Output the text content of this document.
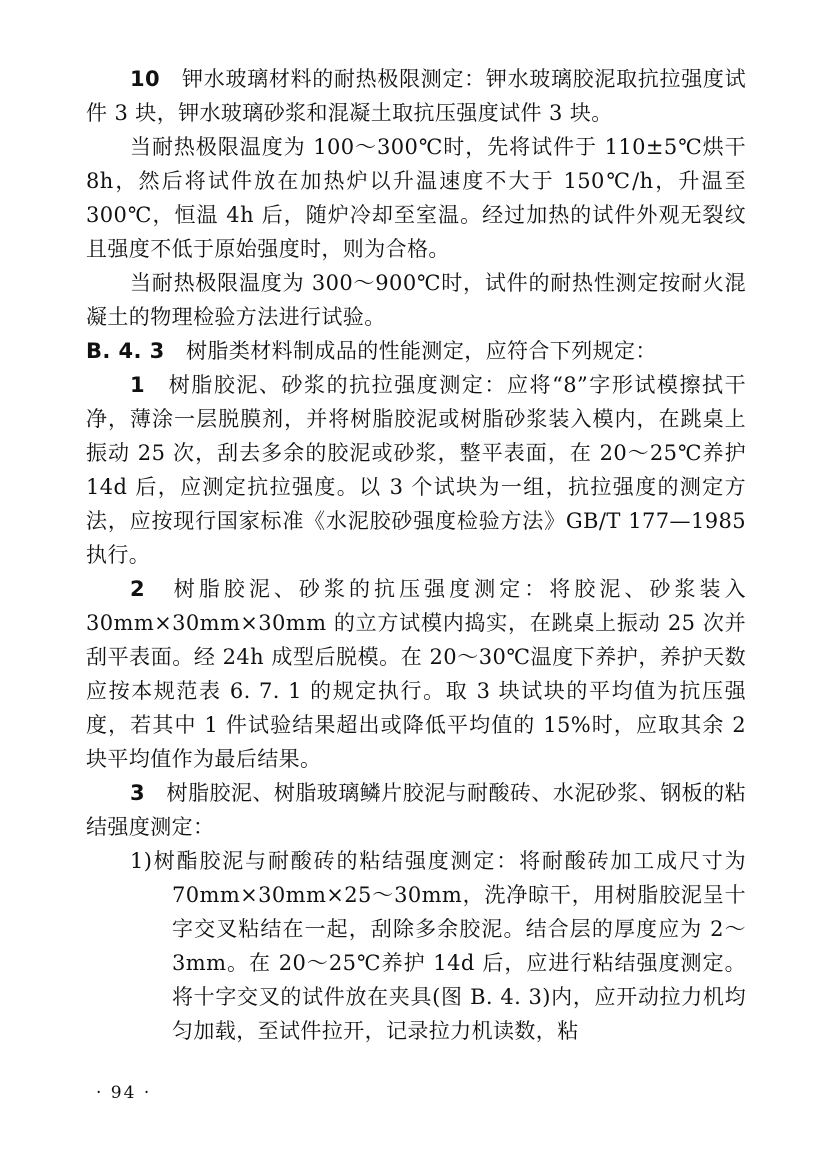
10　 钾水玻璃材料的耐热极限测定：钾水玻璃胶泥取抗拉强度试件 3 块，钾水玻璃砂浆和混凝土取抗压强度试件 3 块。

当耐热极限温度为 100～300℃时，先将试件于 110±5℃烘干 8h，然后将试件放在加热炉以升温速度不大于 150℃/h，升温至 300℃，恒温 4h 后，随炉冷却至室温。经过加热的试件外观无裂纹且强度不低于原始强度时，则为合格。

当耐热极限温度为 300～900℃时，试件的耐热性测定按耐火混凝土的物理检验方法进行试验。

B. 4. 3　 树脂类材料制成品的性能测定，应符合下列规定：

1　 树脂胶泥、砂浆的抗拉强度测定：应将“8”字形试模擦拭干净，薄涂一层脱膜剂，并将树脂胶泥或树脂砂浆装入模内，在跳桌上振动 25 次，刮去多余的胶泥或砂浆，整平表面，在 20～25℃养护 14d 后，应测定抗拉强度。以 3 个试块为一组，抗拉强度的测定方法，应按现行国家标准《水泥胶砂强度检验方法》GB/T 177—1985 执行。

2　 树脂胶泥、砂浆的抗压强度测定：将胶泥、砂浆装入 30mm×30mm×30mm 的立方试模内捣实，在跳桌上振动 25 次并刮平表面。经 24h 成型后脱模。在 20～30℃温度下养护，养护天数应按本规范表 6. 7. 1 的规定执行。取 3 块试块的平均值为抗压强度，若其中 1 件试验结果超出或降低平均值的 15%时，应取其余 2 块平均值作为最后结果。

3　 树脂胶泥、树脂玻璃鳞片胶泥与耐酸砖、水泥砂浆、钢板的粘结强度测定：

1)树酯胶泥与耐酸砖的粘结强度测定：将耐酸砖加工成尺寸为 70mm×30mm×25～30mm，洗净晾干，用树脂胶泥呈十字交叉粘结在一起，刮除多余胶泥。结合层的厚度应为 2～3mm。在 20～25℃养护 14d 后，应进行粘结强度测定。将十字交叉的试件放在夹具(图 B. 4. 3)内，应开动拉力机均匀加载，至试件拉开，记录拉力机读数，粘

· 94 ·
